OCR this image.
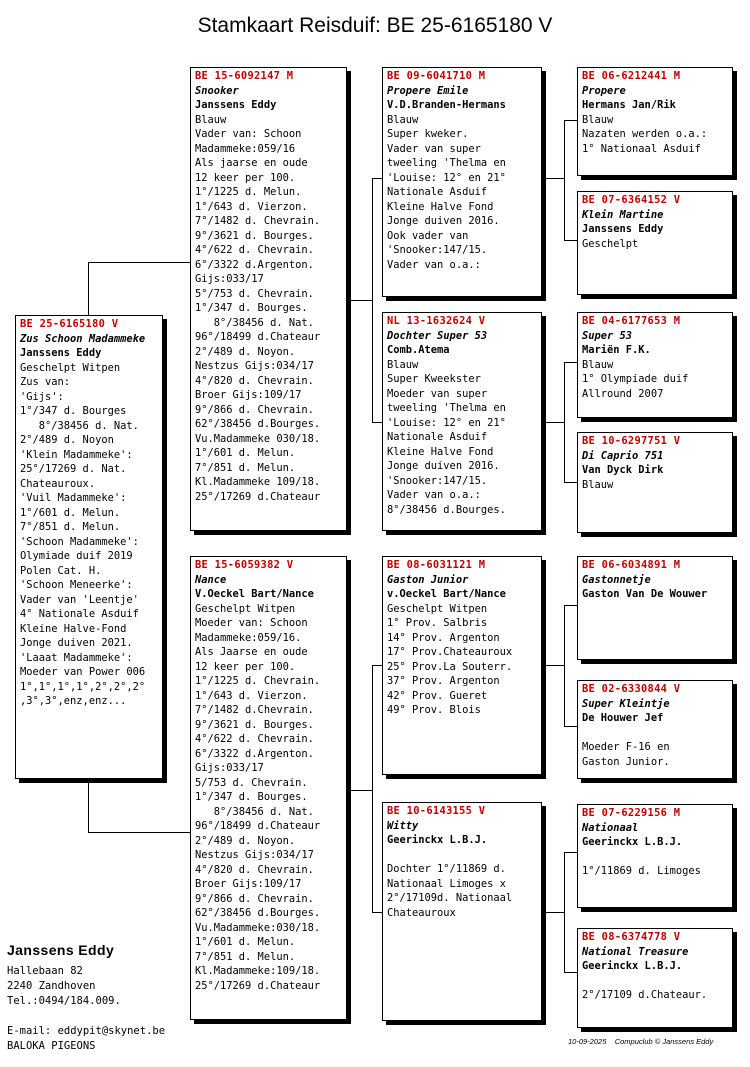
Stamkaart Reisduif: BE 25-6165180 V
BE 25-6165180 V
Zus Schoon Madammeke
Janssens Eddy
Geschelpt Witpen
Zus van:
'Gijs':
1°/347 d. Bourges
8°/38456 d. Nat.
2°/489 d. Noyon
'Klein Madammeke':
25°/17269 d. Nat.
Chateauroux.
'Vuil Madammeke':
1°/601 d. Melun.
7°/851 d. Melun.
'Schoon Madammeke':
Olymiade duif 2019
Polen Cat. H.
'Schoon Meneerke':
Vader van 'Leentje'
4° Nationale Asduif
Kleine Halve-Fond
Jonge duiven 2021.
'Laaat Madammeke':
Moeder van Power 006
1°,1°,1°,1°,2°,2°,2°
,3°,3°,enz,enz...
BE 15-6092147 M
Snooker
Janssens Eddy
Blauw
Vader van: Schoon
Madammeke:059/16
Als jaarse en oude
12 keer per 100.
1°/1225 d. Melun.
1°/643 d. Vierzon.
7°/1482 d. Chevrain.
9°/3621 d. Bourges.
4°/622 d. Chevrain.
6°/3322 d.Argenton.
Gijs:033/17
5°/753 d. Chevrain.
1°/347 d. Bourges.
8°/38456 d. Nat.
96°/18499 d.Chateaur
2°/489 d. Noyon.
Nestzus Gijs:034/17
4°/820 d. Chevrain.
Broer Gijs:109/17
9°/866 d. Chevrain.
62°/38456 d.Bourges.
Vu.Madammeke 030/18.
1°/601 d. Melun.
7°/851 d. Melun.
Kl.Madammeke 109/18.
25°/17269 d.Chateaur
BE 15-6059382 V
Nance
V.Oeckel Bart/Nance
Geschelpt Witpen
Moeder van: Schoon
Madammeke:059/16.
Als Jaarse en oude
12 keer per 100.
1°/1225 d. Chevrain.
1°/643 d. Vierzon.
7°/1482 d.Chevrain.
9°/3621 d. Bourges.
4°/622 d. Chevrain.
6°/3322 d.Argenton.
Gijs:033/17
5/753 d. Chevrain.
1°/347 d. Bourges.
8°/38456 d. Nat.
96°/18499 d.Chateaur
2°/489 d. Noyon.
Nestzus Gijs:034/17
4°/820 d. Chevrain.
Broer Gijs:109/17
9°/866 d. Chevrain.
62°/38456 d.Bourges.
Vu.Madammeke:030/18.
1°/601 d. Melun.
7°/851 d. Melun.
Kl.Madammeke:109/18.
25°/17269 d.Chateaur
BE 09-6041710 M
Propere Emile
V.D.Branden-Hermans
Blauw
Super kweker.
Vader van super
tweeling 'Thelma en
'Louise: 12° en 21°
Nationale Asduif
Kleine Halve Fond
Jonge duiven 2016.
Ook vader van
'Snooker:147/15.
Vader van o.a.:
NL 13-1632624 V
Dochter Super 53
Comb.Atema
Blauw
Super Kweekster
Moeder van super
tweeling 'Thelma en
'Louise: 12° en 21°
Nationale Asduif
Kleine Halve Fond
Jonge duiven 2016.
'Snooker:147/15.
Vader van o.a.:
8°/38456 d.Bourges.
BE 08-6031121 M
Gaston Junior
v.Oeckel Bart/Nance
Geschelpt Witpen
1° Prov. Salbris
14° Prov. Argenton
17° Prov.Chateauroux
25° Prov.La Souterr.
37° Prov. Argenton
42° Prov. Gueret
49° Prov. Blois
BE 10-6143155 V
Witty
Geerinckx L.B.J.

Dochter 1°/11869 d.
Nationaal Limoges x
2°/17109d. Nationaal
Chateauroux
BE 06-6212441 M
Propere
Hermans Jan/Rik
Blauw
Nazaten werden o.a.:
1° Nationaal Asduif
BE 07-6364152 V
Klein Martine
Janssens Eddy
Geschelpt
BE 04-6177653 M
Super 53
Mariën F.K.
Blauw
1° Olympiade duif
Allround 2007
BE 10-6297751 V
Di Caprio 751
Van Dyck Dirk
Blauw
BE 06-6034891 M
Gastonnetje
Gaston Van De Wouwer
BE 02-6330844 V
Super Kleintje
De Houwer Jef

Moeder F-16 en
Gaston Junior.
BE 07-6229156 M
Nationaal
Geerinckx L.B.J.

1°/11869 d. Limoges
BE 08-6374778 V
National Treasure
Geerinckx L.B.J.

2°/17109 d.Chateaur.
Janssens Eddy
Hallebaan 82
2240 Zandhoven
Tel.:0494/184.009.
E-mail: eddypit@skynet.be
BALOKA PIGEONS	10-09-2025    Compuclub © Janssens Eddy
